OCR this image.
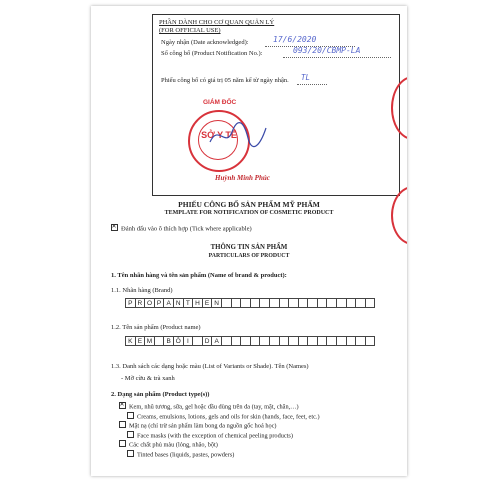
PHẦN DÀNH CHO CƠ QUAN QUẢN LÝ
(FOR OFFICIAL USE)
Ngày nhận (Date acknowledged):	17/6/2020
Số công bố (Product Notification No.):	093/20/CBMP-LA
Phiếu công bố có giá trị 05 năm kể từ ngày nhận. TL
GIÁM ĐỐC
SỞ Y TẾ
Huỳnh Minh Phúc
PHIẾU CÔNG BỐ SẢN PHẨM MỸ PHẨM
TEMPLATE FOR NOTIFICATION OF COSMETIC PRODUCT
✕Đánh dấu vào ô thích hợp (Tick where applicable)
THÔNG TIN SẢN PHẨM
PARTICULARS OF PRODUCT
1. Tên nhãn hàng và tên sản phẩm (Name of brand & product):
1.1. Nhãn hàng (Brand)
P R O P A N T H E N
1.2. Tên sản phẩm (Product name)
K E M	B Ô I	D A
1.3. Danh sách các dạng hoặc màu (List of Variants or Shade). Tên (Names)
- Mỡ cừu & trà xanh
2. Dạng sản phẩm (Product type(s))
✕Kem, nhũ tương, sữa, gel hoặc dầu dùng trên da (tay, mặt, chân,…)
Creams, emulsions, lotions, gels and oils for skin (hands, face, feet, etc.)
Mặt nạ (chỉ trừ sản phẩm làm bong da nguồn gốc hoá học)
Face masks (with the exception of chemical peeling products)
Các chất phủ màu (lỏng, nhão, bột)
Tinted bases (liquids, pastes, powders)
